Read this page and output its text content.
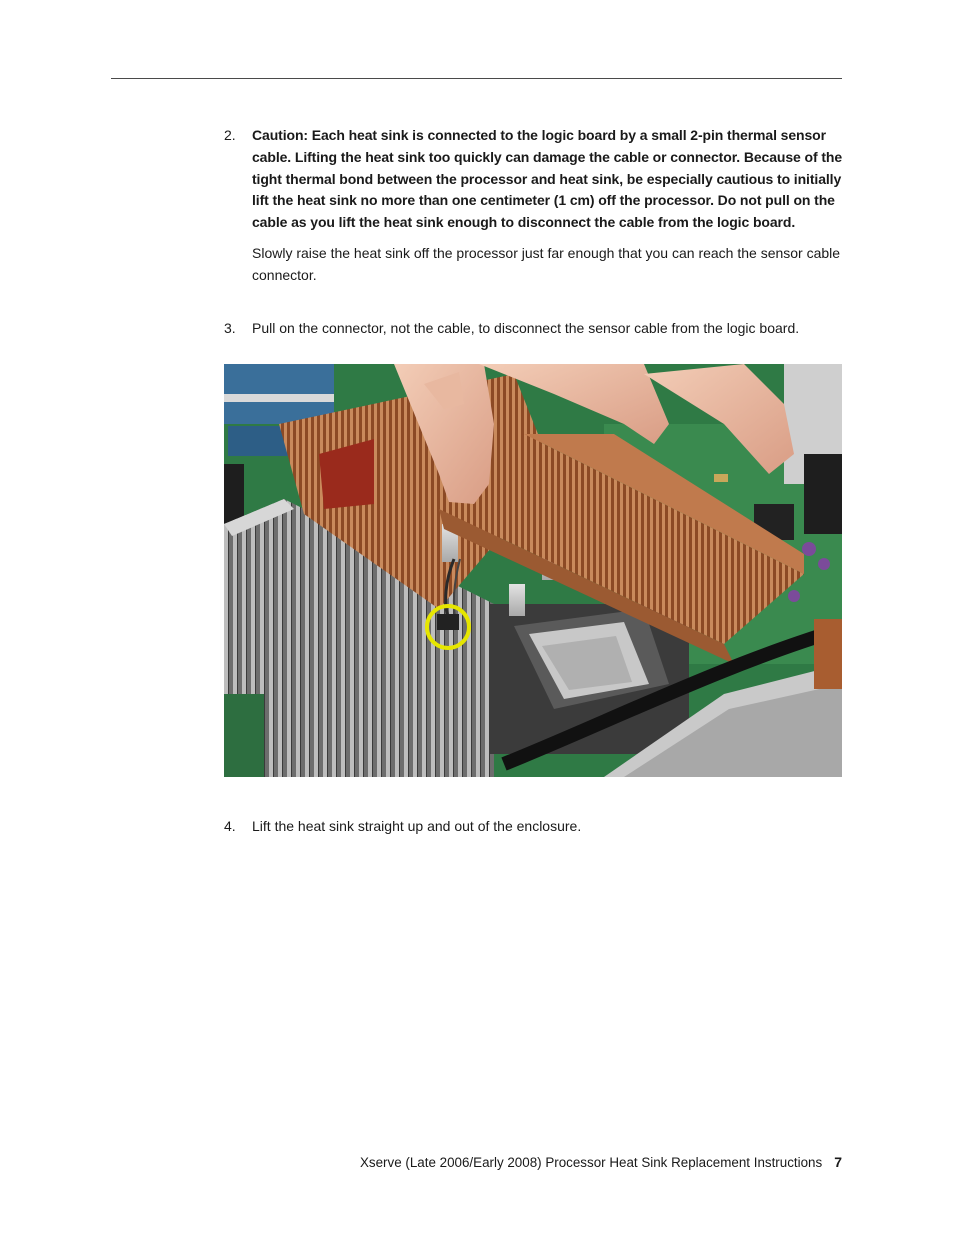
2.	Caution: Each heat sink is connected to the logic board by a small 2-pin thermal sensor cable. Lifting the heat sink too quickly can damage the cable or connector. Because of the tight thermal bond between the processor and heat sink, be especially cautious to initially lift the heat sink no more than one centimeter (1 cm) off the processor. Do not pull on the cable as you lift the heat sink enough to disconnect the cable from the logic board.
Slowly raise the heat sink off the processor just far enough that you can reach the sensor cable connector.
3.	Pull on the connector, not the cable, to disconnect the sensor cable from the logic board.
4.	Lift the heat sink straight up and out of the enclosure.
Xserve (Late 2006/Early 2008) Processor Heat Sink Replacement Instructions 7
